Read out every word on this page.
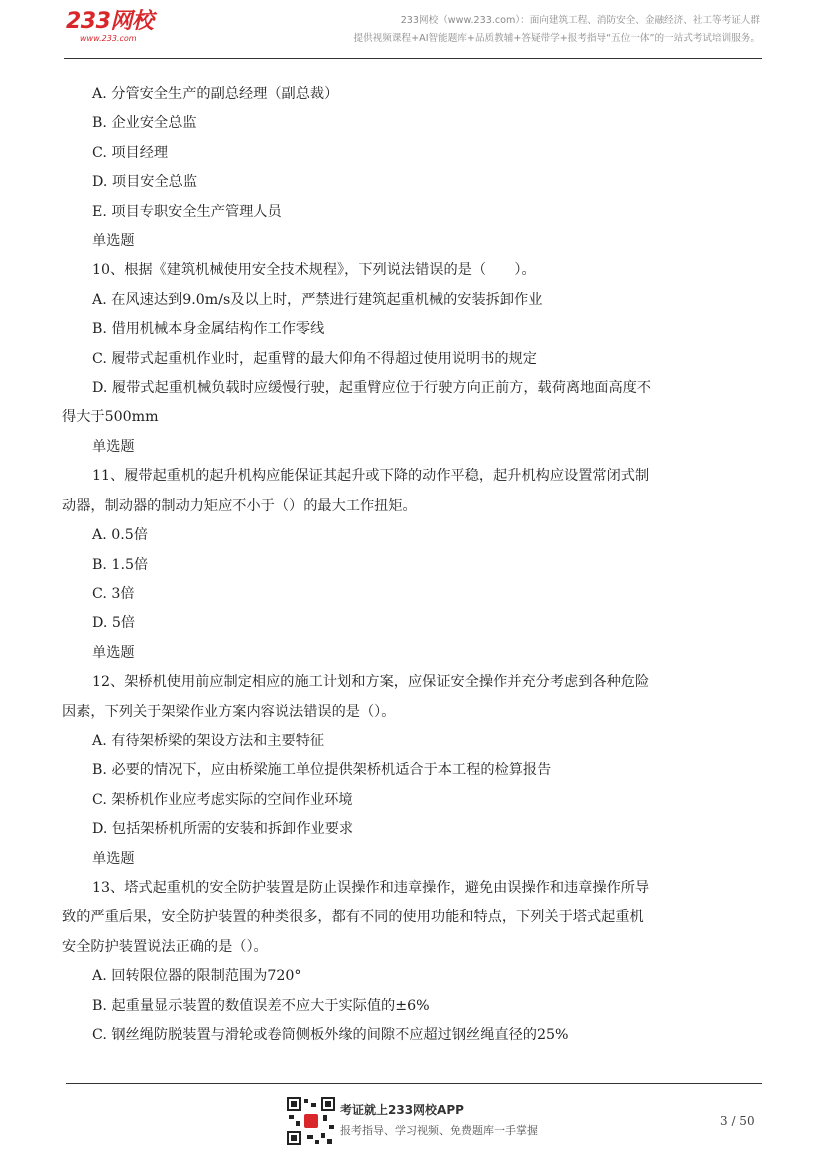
233网校
www.233.com
233网校（www.233.com）：面向建筑工程、消防安全、金融经济、社工等考证人群
提供视频课程+AI智能题库+品质教辅+答疑带学+报考指导“五位一体”的一站式考试培训服务。
A. 分管安全生产的副总经理（副总裁）
B. 企业安全总监
C. 项目经理
D. 项目安全总监
E. 项目专职安全生产管理人员
单选题
10、根据《建筑机械使用安全技术规程》，下列说法错误的是（　　）。
A. 在风速达到9.0m/s及以上时，严禁进行建筑起重机械的安装拆卸作业
B. 借用机械本身金属结构作工作零线
C. 履带式起重机作业时，起重臂的最大仰角不得超过使用说明书的规定
D. 履带式起重机械负载时应缓慢行驶，起重臂应位于行驶方向正前方，载荷离地面高度不
得大于500mm
单选题
11、履带起重机的起升机构应能保证其起升或下降的动作平稳，起升机构应设置常闭式制
动器，制动器的制动力矩应不小于（）的最大工作扭矩。
A. 0.5倍
B. 1.5倍
C. 3倍
D. 5倍
单选题
12、架桥机使用前应制定相应的施工计划和方案，应保证安全操作并充分考虑到各种危险
因素，下列关于架梁作业方案内容说法错误的是（）。
A. 有待架桥梁的架设方法和主要特征
B. 必要的情况下，应由桥梁施工单位提供架桥机适合于本工程的检算报告
C. 架桥机作业应考虑实际的空间作业环境
D. 包括架桥机所需的安装和拆卸作业要求
单选题
13、塔式起重机的安全防护装置是防止误操作和违章操作，避免由误操作和违章操作所导
致的严重后果，安全防护装置的种类很多，都有不同的使用功能和特点，下列关于塔式起重机
安全防护装置说法正确的是（）。
A. 回转限位器的限制范围为720°
B. 起重量显示装置的数值误差不应大于实际值的±6%
C. 钢丝绳防脱装置与滑轮或卷筒侧板外缘的间隙不应超过钢丝绳直径的25%
考证就上233网校APP
报考指导、学习视频、免费题库一手掌握
3 / 50
